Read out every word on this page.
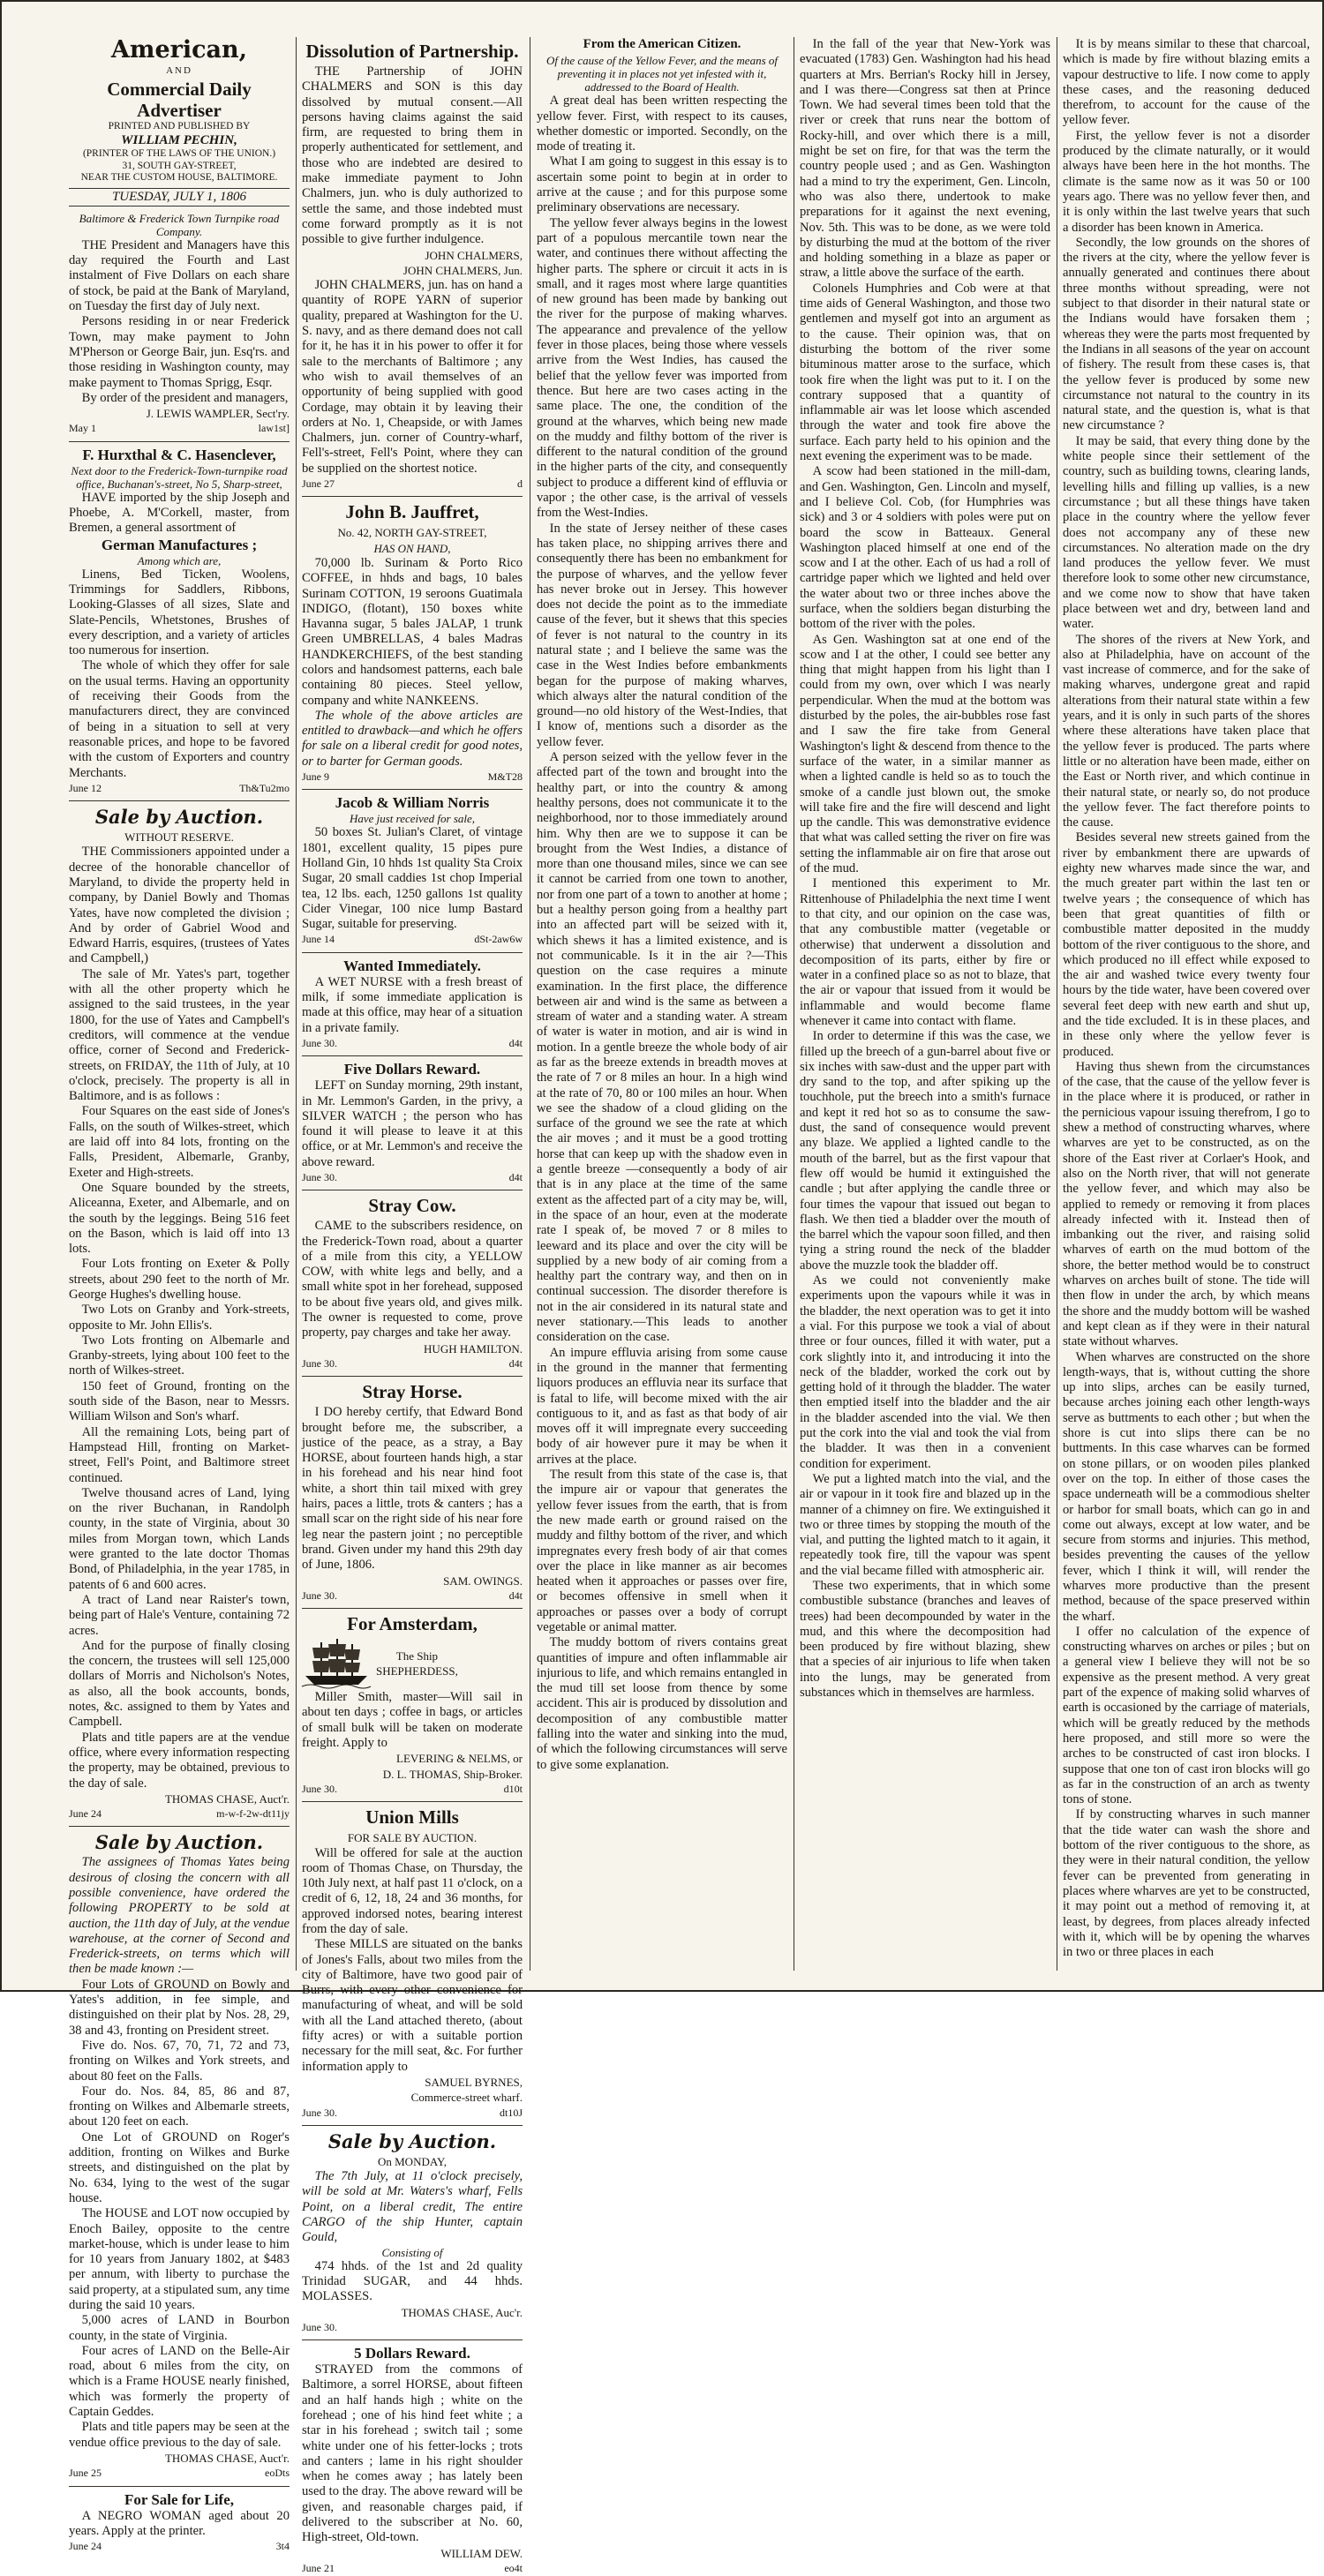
American,
AND
Commercial Daily Advertiser
PRINTED AND PUBLISHED BY
WILLIAM PECHIN,
(PRINTER OF THE LAWS OF THE UNION.)
31, SOUTH GAY-STREET,
NEAR THE CUSTOM HOUSE, BALTIMORE.
TUESDAY, JULY 1, 1806
Baltimore & Frederick Town Turnpike road Company.

THE President and Managers have this day required the Fourth and Last instalment of Five Dollars on each share of stock, be paid at the Bank of Maryland, on Tuesday the first day of July next.

Persons residing in or near Frederick Town, may make payment to John M'Pherson or George Bair, jun. Esq'rs. and those residing in Washington county, may make payment to Thomas Sprigg, Esqr.

By order of the president and managers,

J. LEWIS WAMPLER, Sect'ry.
May 1	law1st]
F. Hurxthal & C. Hasenclever,
Next door to the Frederick-Town-turnpike road office, Buchanan's-street, No 5, Sharp-street,

HAVE imported by the ship Joseph and Phoebe, A. M'Corkell, master, from Bremen, a general assortment of

German Manufactures ;
Among which are,

Linens, Bed Ticken, Woolens, Trimmings for Saddlers, Ribbons, Looking-Glasses of all sizes, Slate and Slate-Pencils, Whetstones, Brushes of every description, and a variety of articles too numerous for insertion.

The whole of which they offer for sale on the usual terms. Having an opportunity of receiving their Goods from the manufacturers direct, they are convinced of being in a situation to sell at very reasonable prices, and hope to be favored with the custom of Exporters and country Merchants.

June 12	Th&Tu2mo
Sale by Auction.
WITHOUT RESERVE.

THE Commissioners appointed under a decree of the honorable chancellor of Maryland, to divide the property held in company, by Daniel Bowly and Thomas Yates, have now completed the division ; And by order of Gabriel Wood and Edward Harris, esquires, (trustees of Yates and Campbell,)

The sale of Mr. Yates's part, together with all the other property which he assigned to the said trustees, in the year 1800, for the use of Yates and Campbell's creditors, will commence at the vendue office, corner of Second and Frederick-streets, on FRIDAY, the 11th of July, at 10 o'clock, precisely. The property is all in Baltimore, and is as follows :

Four Squares on the east side of Jones's Falls, on the south of Wilkes-street, which are laid off into 84 lots, fronting on the Falls, President, Albemarle, Granby, Exeter and High-streets.

One Square bounded by the streets, Aliceanna, Exeter, and Albemarle, and on the south by the leggings. Being 516 feet on the Bason, which is laid off into 13 lots.

Four Lots fronting on Exeter & Polly streets, about 290 feet to the north of Mr. George Hughes's dwelling house.

Two Lots on Granby and York-streets, opposite to Mr. John Ellis's.

Two Lots fronting on Albemarle and Granby-streets, lying about 100 feet to the north of Wilkes-street.

150 feet of Ground, fronting on the south side of the Bason, near to Messrs. William Wilson and Son's wharf.

All the remaining Lots, being part of Hampstead Hill, fronting on Market-street, Fell's Point, and Baltimore street continued.

Twelve thousand acres of Land, lying on the river Buchanan, in Randolph county, in the state of Virginia, about 30 miles from Morgan town, which Lands were granted to the late doctor Thomas Bond, of Philadelphia, in the year 1785, in patents of 6 and 600 acres.

A tract of Land near Raister's town, being part of Hale's Venture, containing 72 acres.

And for the purpose of finally closing the concern, the trustees will sell 125,000 dollars of Morris and Nicholson's Notes, as also, all the book accounts, bonds, notes, &c. assigned to them by Yates and Campbell.

Plats and title papers are at the vendue office, where every information respecting the property, may be obtained, previous to the day of sale.

THOMAS CHASE, Auct'r.
June 24	m-w-f-2w-dt11jy
Sale by Auction.

The assignees of Thomas Yates being desirous of closing the concern with all possible convenience, have ordered the following PROPERTY to be sold at auction, the 11th day of July, at the vendue warehouse, at the corner of Second and Frederick-streets, on terms which will then be made known :—

Four Lots of GROUND on Bowly and Yates's addition, in fee simple, and distinguished on their plat by Nos. 28, 29, 38 and 43, fronting on President street.

Five do. Nos. 67, 70, 71, 72 and 73, fronting on Wilkes and York streets, and about 80 feet on the Falls.

Four do. Nos. 84, 85, 86 and 87, fronting on Wilkes and Albemarle streets, about 120 feet on each.

One Lot of GROUND on Roger's addition, fronting on Wilkes and Burke streets, and distinguished on the plat by No. 634, lying to the west of the sugar house.

The HOUSE and LOT now occupied by Enoch Bailey, opposite to the centre market-house, which is under lease to him for 10 years from January 1802, at $483 per annum, with liberty to purchase the said property, at a stipulated sum, any time during the said 10 years.

5,000 acres of LAND in Bourbon county, in the state of Virginia.

Four acres of LAND on the Belle-Air road, about 6 miles from the city, on which is a Frame HOUSE nearly finished, which was formerly the property of Captain Geddes.

Plats and title papers may be seen at the vendue office previous to the day of sale.

THOMAS CHASE, Auct'r.
June 25	eoDts
For Sale for Life,

A NEGRO WOMAN aged about 20 years. Apply at the printer.

June 24	3t4
Dissolution of Partnership.

THE Partnership of JOHN CHALMERS and SON is this day dissolved by mutual consent.—All persons having claims against the said firm, are requested to bring them in properly authenticated for settlement, and those who are indebted are desired to make immediate payment to John Chalmers, jun. who is duly authorized to settle the same, and those indebted must come forward promptly as it is not possible to give further indulgence.

JOHN CHALMERS,
JOHN CHALMERS, Jun.

JOHN CHALMERS, jun. has on hand a quantity of ROPE YARN of superior quality, prepared at Washington for the U. S. navy, and as there demand does not call for it, he has it in his power to offer it for sale to the merchants of Baltimore ; any who wish to avail themselves of an opportunity of being supplied with good Cordage, may obtain it by leaving their orders at No. 1, Cheapside, or with James Chalmers, jun. corner of Country-wharf, Fell's-street, Fell's Point, where they can be supplied on the shortest notice.

June 27	d
John B. Jauffret,
No. 42, NORTH GAY-STREET,
HAS ON HAND,

70,000 lb. Surinam & Porto Rico COFFEE, in hhds and bags, 10 bales Surinam COTTON, 19 seroons Guatimala INDIGO, (flotant), 150 boxes white Havanna sugar, 5 bales JALAP, 1 trunk Green UMBRELLAS, 4 bales Madras HANDKERCHIEFS, of the best standing colors and handsomest patterns, each bale containing 80 pieces. Steel yellow, company and white NANKEENS.

The whole of the above articles are entitled to drawback—and which he offers for sale on a liberal credit for good notes, or to barter for German goods.

June 9	M&T28
Jacob & William Norris
Have just received for sale,

50 boxes St. Julian's Claret, of vintage 1801, excellent quality, 15 pipes pure Holland Gin, 10 hhds 1st quality Sta Croix Sugar, 20 small caddies 1st chop Imperial tea, 12 lbs. each, 1250 gallons 1st quality Cider Vinegar, 100 nice lump Bastard Sugar, suitable for preserving.

June 14	dSt-2aw6w
Wanted Immediately.

A WET NURSE with a fresh breast of milk, if some immediate application is made at this office, may hear of a situation in a private family.

June 30.	d4t
Five Dollars Reward.

LEFT on Sunday morning, 29th instant, in Mr. Lemmon's Garden, in the privy, a SILVER WATCH ; the person who has found it will please to leave it at this office, or at Mr. Lemmon's and receive the above reward.

June 30.	d4t
Stray Cow.

CAME to the subscribers residence, on the Frederick-Town road, about a quarter of a mile from this city, a YELLOW COW, with white legs and belly, and a small white spot in her forehead, supposed to be about five years old, and gives milk. The owner is requested to come, prove property, pay charges and take her away.

HUGH HAMILTON.
June 30.	d4t
Stray Horse.

I DO hereby certify, that Edward Bond brought before me, the subscriber, a justice of the peace, as a stray, a Bay HORSE, about fourteen hands high, a star in his forehead and his near hind foot white, a short thin tail mixed with grey hairs, paces a little, trots & canters ; has a small scar on the right side of his near fore leg near the pastern joint ; no perceptible brand. Given under my hand this 29th day of June, 1806.

SAM. OWINGS.
June 30.	d4t
For Amsterdam,
The Ship
SHEPHERDESS,

Miller Smith, master—Will sail in about ten days ; coffee in bags, or articles of small bulk will be taken on moderate freight. Apply to

LEVERING & NELMS, or
D. L. THOMAS, Ship-Broker.
June 30.	d10t
Union Mills
FOR SALE BY AUCTION.

Will be offered for sale at the auction room of Thomas Chase, on Thursday, the 10th July next, at half past 11 o'clock, on a credit of 6, 12, 18, 24 and 36 months, for approved indorsed notes, bearing interest from the day of sale.

These MILLS are situated on the banks of Jones's Falls, about two miles from the city of Baltimore, have two good pair of Burrs, with every other convenience for manufacturing of wheat, and will be sold with all the Land attached thereto, (about fifty acres) or with a suitable portion necessary for the mill seat, &c. For further information apply to

SAMUEL BYRNES,
Commerce-street wharf.
June 30.	dt10J
Sale by Auction.
On MONDAY,

The 7th July, at 11 o'clock precisely, will be sold at Mr. Waters's wharf, Fells Point, on a liberal credit, The entire CARGO of the ship Hunter, captain Gould,

Consisting of

474 hhds. of the 1st and 2d quality Trinidad SUGAR, and 44 hhds. MOLASSES.

THOMAS CHASE, Auc'r.
June 30.
5 Dollars Reward.

STRAYED from the commons of Baltimore, a sorrel HORSE, about fifteen and an half hands high ; white on the forehead ; one of his hind feet white ; a star in his forehead ; switch tail ; some white under one of his fetter-locks ; trots and canters ; lame in his right shoulder when he comes away ; has lately been used to the dray. The above reward will be given, and reasonable charges paid, if delivered to the subscriber at No. 60, High-street, Old-town.

WILLIAM DEW.
June 21	eo4t
From the American Citizen.
Of the cause of the Yellow Fever, and the means of preventing it in places not yet infested with it, addressed to the Board of Health.

A great deal has been written respecting the yellow fever. First, with respect to its causes, whether domestic or imported. Secondly, on the mode of treating it.

What I am going to suggest in this essay is to ascertain some point to begin at in order to arrive at the cause ; and for this purpose some preliminary observations are necessary.

The yellow fever always begins in the lowest part of a populous mercantile town near the water, and continues there without affecting the higher parts. The sphere or circuit it acts in is small, and it rages most where large quantities of new ground has been made by banking out the river for the purpose of making wharves. The appearance and prevalence of the yellow fever in those places, being those where vessels arrive from the West Indies, has caused the belief that the yellow fever was imported from thence. But here are two cases acting in the same place. The one, the condition of the ground at the wharves, which being new made on the muddy and filthy bottom of the river is different to the natural condition of the ground in the higher parts of the city, and consequently subject to produce a different kind of effluvia or vapor ; the other case, is the arrival of vessels from the West-Indies.

In the state of Jersey neither of these cases has taken place, no shipping arrives there and consequently there has been no embankment for the purpose of wharves, and the yellow fever has never broke out in Jersey. This however does not decide the point as to the immediate cause of the fever, but it shews that this species of fever is not natural to the country in its natural state ; and I believe the same was the case in the West Indies before embankments began for the purpose of making wharves, which always alter the natural condition of the ground—no old history of the West-Indies, that I know of, mentions such a disorder as the yellow fever.

A person seized with the yellow fever in the affected part of the town and brought into the healthy part, or into the country & among healthy persons, does not communicate it to the neighborhood, nor to those immediately around him. Why then are we to suppose it can be brought from the West Indies, a distance of more than one thousand miles, since we can see it cannot be carried from one town to another, nor from one part of a town to another at home ; but a healthy person going from a healthy part into an affected part will be seized with it, which shews it has a limited existence, and is not communicable. Is it in the air ?—This question on the case requires a minute examination. In the first place, the difference between air and wind is the same as between a stream of water and a standing water. A stream of water is water in motion, and air is wind in motion. In a gentle breeze the whole body of air as far as the breeze extends in breadth moves at the rate of 7 or 8 miles an hour. In a high wind at the rate of 70, 80 or 100 miles an hour. When we see the shadow of a cloud gliding on the surface of the ground we see the rate at which the air moves ; and it must be a good trotting horse that can keep up with the shadow even in a gentle breeze —consequently a body of air that is in any place at the time of the same extent as the affected part of a city may be, will, in the space of an hour, even at the moderate rate I speak of, be moved 7 or 8 miles to leeward and its place and over the city will be supplied by a new body of air coming from a healthy part the contrary way, and then on in continual succession. The disorder therefore is not in the air considered in its natural state and never stationary.—This leads to another consideration on the case.

An impure effluvia arising from some cause in the ground in the manner that fermenting liquors produces an effluvia near its surface that is fatal to life, will become mixed with the air contiguous to it, and as fast as that body of air moves off it will impregnate every succeeding body of air however pure it may be when it arrives at the place.

The result from this state of the case is, that the impure air or vapour that generates the yellow fever issues from the earth, that is from the new made earth or ground raised on the muddy and filthy bottom of the river, and which impregnates every fresh body of air that comes over the place in like manner as air becomes heated when it approaches or passes over fire, or becomes offensive in smell when it approaches or passes over a body of corrupt vegetable or animal matter.

The muddy bottom of rivers contains great quantities of impure and often inflammable air injurious to life, and which remains entangled in the mud till set loose from thence by some accident. This air is produced by dissolution and decomposition of any combustible matter falling into the water and sinking into the mud, of which the following circumstances will serve to give some explanation.

In the fall of the year that New-York was evacuated (1783) Gen. Washington had his head quarters at Mrs. Berrian's Rocky hill in Jersey, and I was there—Congress sat then at Prince Town. We had several times been told that the river or creek that runs near the bottom of Rocky-hill, and over which there is a mill, might be set on fire, for that was the term the country people used ; and as Gen. Washington had a mind to try the experiment, Gen. Lincoln, who was also there, undertook to make preparations for it against the next evening, Nov. 5th. This was to be done, as we were told by disturbing the mud at the bottom of the river and holding something in a blaze as paper or straw, a little above the surface of the earth.

Colonels Humphries and Cob were at that time aids of General Washington, and those two gentlemen and myself got into an argument as to the cause. Their opinion was, that on disturbing the bottom of the river some bituminous matter arose to the surface, which took fire when the light was put to it. I on the contrary supposed that a quantity of inflammable air was let loose which ascended through the water and took fire above the surface. Each party held to his opinion and the next evening the experiment was to be made.

A scow had been stationed in the mill-dam, and Gen. Washington, Gen. Lincoln and myself, and I believe Col. Cob, (for Humphries was sick) and 3 or 4 soldiers with poles were put on board the scow in Batteaux. General Washington placed himself at one end of the scow and I at the other. Each of us had a roll of cartridge paper which we lighted and held over the water about two or three inches above the surface, when the soldiers began disturbing the bottom of the river with the poles.

As Gen. Washington sat at one end of the scow and I at the other, I could see better any thing that might happen from his light than I could from my own, over which I was nearly perpendicular. When the mud at the bottom was disturbed by the poles, the air-bubbles rose fast and I saw the fire take from General Washington's light & descend from thence to the surface of the water, in a similar manner as when a lighted candle is held so as to touch the smoke of a candle just blown out, the smoke will take fire and the fire will descend and light up the candle. This was demonstrative evidence that what was called setting the river on fire was setting the inflammable air on fire that arose out of the mud.

I mentioned this experiment to Mr. Rittenhouse of Philadelphia the next time I went to that city, and our opinion on the case was, that any combustible matter (vegetable or otherwise) that underwent a dissolution and decomposition of its parts, either by fire or water in a confined place so as not to blaze, that the air or vapour that issued from it would be inflammable and would become flame whenever it came into contact with flame.

In order to determine if this was the case, we filled up the breech of a gun-barrel about five or six inches with saw-dust and the upper part with dry sand to the top, and after spiking up the touchhole, put the breech into a smith's furnace and kept it red hot so as to consume the saw-dust, the sand of consequence would prevent any blaze. We applied a lighted candle to the mouth of the barrel, but as the first vapour that flew off would be humid it extinguished the candle ; but after applying the candle three or four times the vapour that issued out began to flash. We then tied a bladder over the mouth of the barrel which the vapour soon filled, and then tying a string round the neck of the bladder above the muzzle took the bladder off.

As we could not conveniently make experiments upon the vapours while it was in the bladder, the next operation was to get it into a vial. For this purpose we took a vial of about three or four ounces, filled it with water, put a cork slightly into it, and introducing it into the neck of the bladder, worked the cork out by getting hold of it through the bladder. The water then emptied itself into the bladder and the air in the bladder ascended into the vial. We then put the cork into the vial and took the vial from the bladder. It was then in a convenient condition for experiment.

We put a lighted match into the vial, and the air or vapour in it took fire and blazed up in the manner of a chimney on fire. We extinguished it two or three times by stopping the mouth of the vial, and putting the lighted match to it again, it repeatedly took fire, till the vapour was spent and the vial became filled with atmospheric air.

These two experiments, that in which some combustible substance (branches and leaves of trees) had been decompounded by water in the mud, and this where the decomposition had been produced by fire without blazing, shew that a species of air injurious to life when taken into the lungs, may be generated from substances which in themselves are harmless.

It is by means similar to these that charcoal, which is made by fire without blazing emits a vapour destructive to life. I now come to apply these cases, and the reasoning deduced therefrom, to account for the cause of the yellow fever.

First, the yellow fever is not a disorder produced by the climate naturally, or it would always have been here in the hot months. The climate is the same now as it was 50 or 100 years ago. There was no yellow fever then, and it is only within the last twelve years that such a disorder has been known in America.

Secondly, the low grounds on the shores of the rivers at the city, where the yellow fever is annually generated and continues there about three months without spreading, were not subject to that disorder in their natural state or the Indians would have forsaken them ; whereas they were the parts most frequented by the Indians in all seasons of the year on account of fishery. The result from these cases is, that the yellow fever is produced by some new circumstance not natural to the country in its natural state, and the question is, what is that new circumstance ?

It may be said, that every thing done by the white people since their settlement of the country, such as building towns, clearing lands, levelling hills and filling up vallies, is a new circumstance ; but all these things have taken place in the country where the yellow fever does not accompany any of these new circumstances. No alteration made on the dry land produces the yellow fever. We must therefore look to some other new circumstance, and we come now to show that have taken place between wet and dry, between land and water.

The shores of the rivers at New York, and also at Philadelphia, have on account of the vast increase of commerce, and for the sake of making wharves, undergone great and rapid alterations from their natural state within a few years, and it is only in such parts of the shores where these alterations have taken place that the yellow fever is produced. The parts where little or no alteration have been made, either on the East or North river, and which continue in their natural state, or nearly so, do not produce the yellow fever. The fact therefore points to the cause.

Besides several new streets gained from the river by embankment there are upwards of eighty new wharves made since the war, and the much greater part within the last ten or twelve years ; the consequence of which has been that great quantities of filth or combustible matter deposited in the muddy bottom of the river contiguous to the shore, and which produced no ill effect while exposed to the air and washed twice every twenty four hours by the tide water, have been covered over several feet deep with new earth and shut up, and the tide excluded. It is in these places, and in these only where the yellow fever is produced.

Having thus shewn from the circumstances of the case, that the cause of the yellow fever is in the place where it is produced, or rather in the pernicious vapour issuing therefrom, I go to shew a method of constructing wharves, where wharves are yet to be constructed, as on the shore of the East river at Corlaer's Hook, and also on the North river, that will not generate the yellow fever, and which may also be applied to remedy or removing it from places already infected with it. Instead then of imbanking out the river, and raising solid wharves of earth on the mud bottom of the shore, the better method would be to construct wharves on arches built of stone. The tide will then flow in under the arch, by which means the shore and the muddy bottom will be washed and kept clean as if they were in their natural state without wharves.

When wharves are constructed on the shore length-ways, that is, without cutting the shore up into slips, arches can be easily turned, because arches joining each other length-ways serve as buttments to each other ; but when the shore is cut into slips there can be no buttments. In this case wharves can be formed on stone pillars, or on wooden piles planked over on the top. In either of those cases the space underneath will be a commodious shelter or harbor for small boats, which can go in and come out always, except at low water, and be secure from storms and injuries. This method, besides preventing the causes of the yellow fever, which I think it will, will render the wharves more productive than the present method, because of the space preserved within the wharf.

I offer no calculation of the expence of constructing wharves on arches or piles ; but on a general view I believe they will not be so expensive as the present method. A very great part of the expence of making solid wharves of earth is occasioned by the carriage of materials, which will be greatly reduced by the methods here proposed, and still more so were the arches to be constructed of cast iron blocks. I suppose that one ton of cast iron blocks will go as far in the construction of an arch as twenty tons of stone.

If by constructing wharves in such manner that the tide water can wash the shore and bottom of the river contiguous to the shore, as they were in their natural condition, the yellow fever can be prevented from generating in places where wharves are yet to be constructed, it may point out a method of removing it, at least, by degrees, from places already infected with it, which will be by opening the wharves in two or three places in each
